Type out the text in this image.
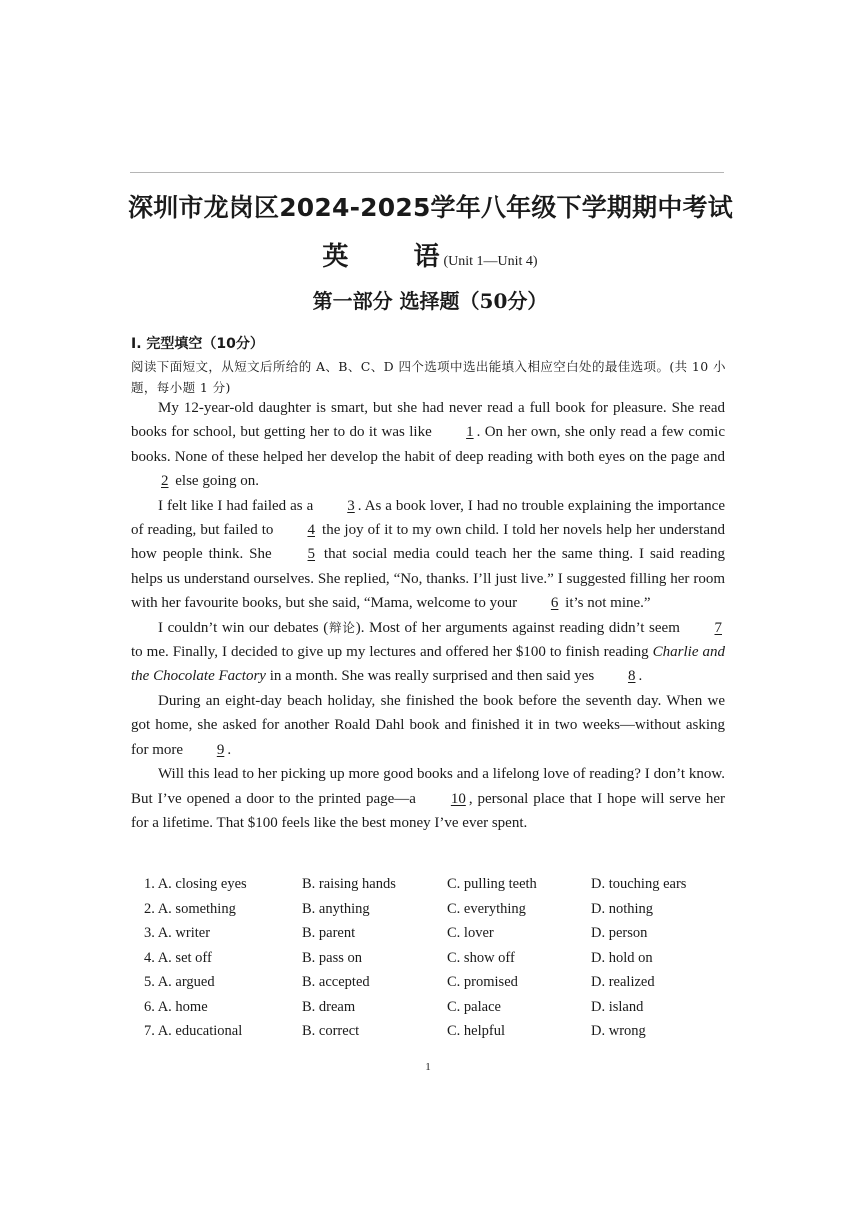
深圳市龙岗区2024-2025学年八年级下学期期中考试
英 语(Unit 1—Unit 4)
第一部分 选择题（50分）
Ⅰ. 完型填空（10分）
阅读下面短文，从短文后所给的 A、B、C、D 四个选项中选出能填入相应空白处的最佳选项。(共 10 小题，每小题 1 分)

My 12-year-old daughter is smart, but she had never read a full book for pleasure. She read books for school, but getting her to do it was like 1 . On her own, she only read a few comic books. None of these helped her develop the habit of deep reading with both eyes on the page and 2 else going on.

I felt like I had failed as a 3 . As a book lover, I had no trouble explaining the importance of reading, but failed to 4 the joy of it to my own child. I told her novels help her understand how people think. She 5 that social media could teach her the same thing. I said reading helps us understand ourselves. She replied, “No, thanks. I’ll just live.” I suggested filling her room with her favourite books, but she said, “Mama, welcome to your 6 it’s not mine.”

I couldn’t win our debates (辩论). Most of her arguments against reading didn’t seem 7 to me. Finally, I decided to give up my lectures and offered her $100 to finish reading Charlie and the Chocolate Factory in a month. She was really surprised and then said yes 8 .

During an eight-day beach holiday, she finished the book before the seventh day. When we got home, she asked for another Roald Dahl book and finished it in two weeks—without asking for more 9 .

Will this lead to her picking up more good books and a lifelong love of reading? I don’t know. But I’ve opened a door to the printed page—a 10 , personal place that I hope will serve her for a lifetime. That $100 feels like the best money I’ve ever spent.

1. A. closing eyes	B. raising hands	C. pulling teeth	D. touching ears
2. A. something	B. anything	C. everything	D. nothing
3. A. writer	B. parent	C. lover	D. person
4. A. set off	B. pass on	C. show off	D. hold on
5. A. argued	B. accepted	C. promised	D. realized
6. A. home	B. dream	C. palace	D. island
7. A. educational	B. correct	C. helpful	D. wrong
1
